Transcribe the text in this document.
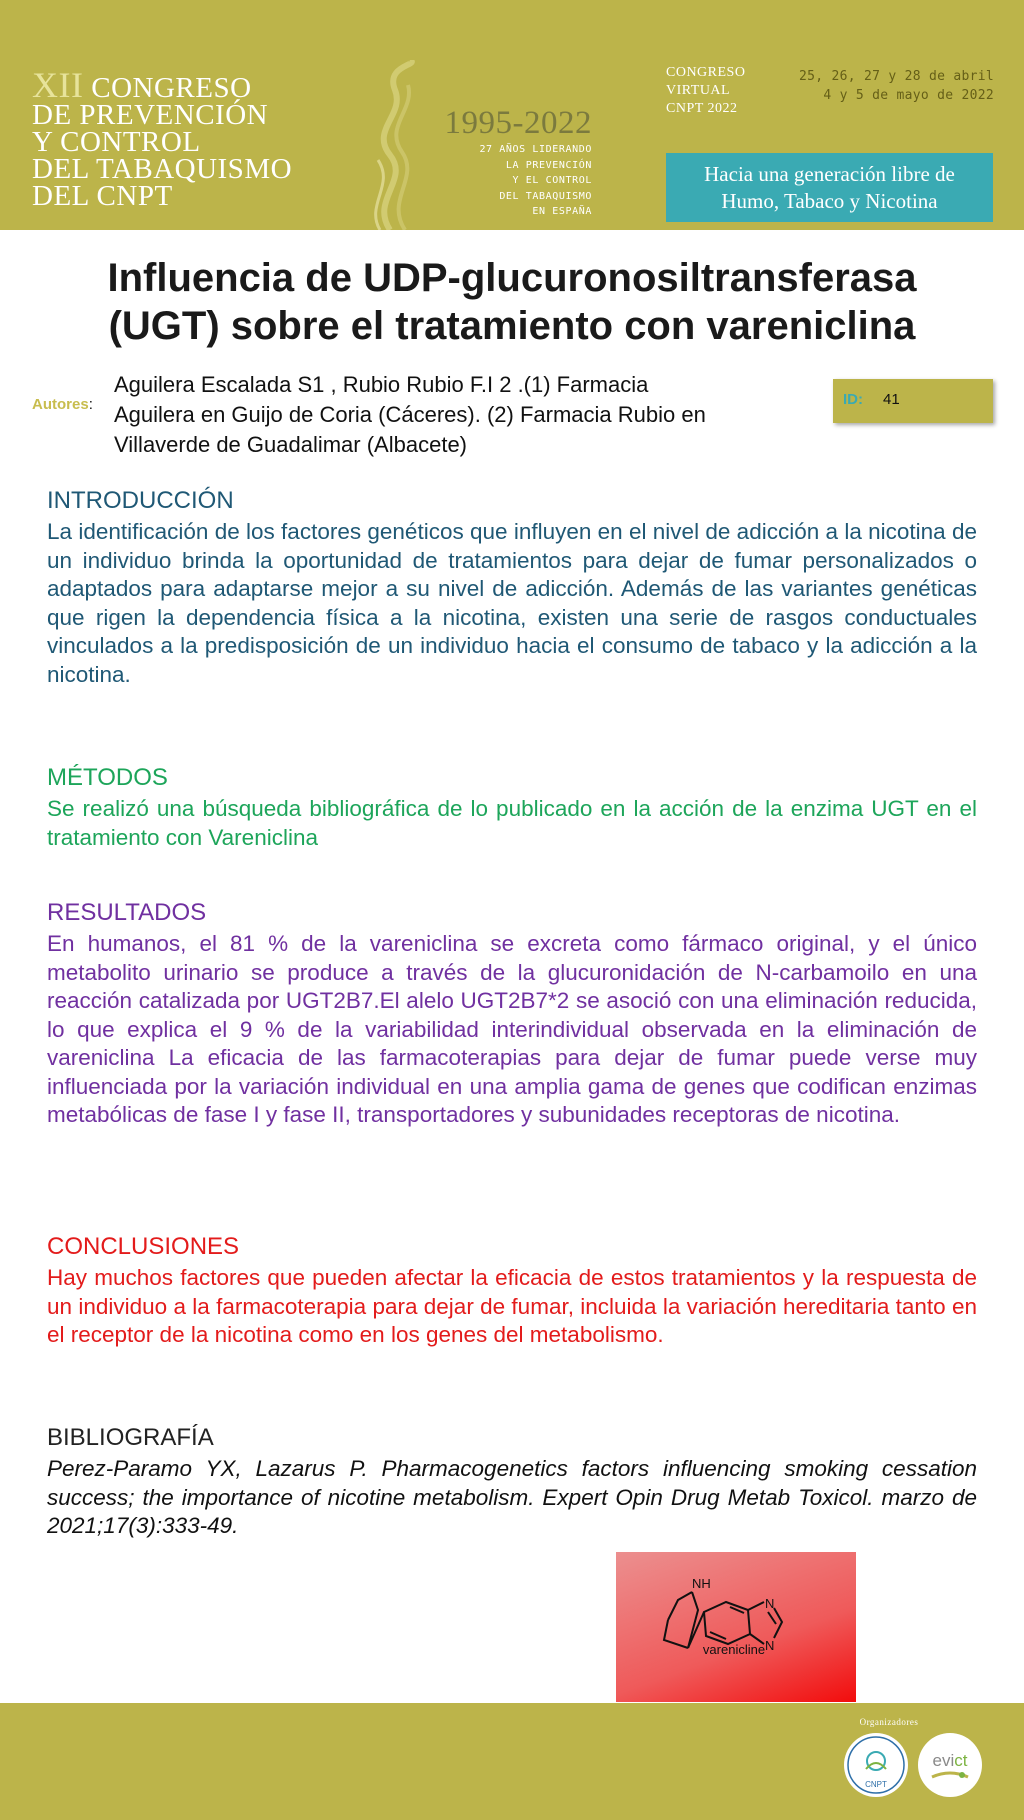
XII CONGRESO
DE PREVENCIÓN
Y CONTROL
DEL TABAQUISMO
DEL CNPT
1995-2022
27 AÑOS LIDERANDO
LA PREVENCIÓN
Y EL CONTROL
DEL TABAQUISMO
EN ESPAÑA
CONGRESO
VIRTUAL
CNPT 2022
25, 26, 27 y 28 de abril
4 y 5 de mayo de 2022
Hacia una generación libre de
Humo, Tabaco y Nicotina
Influencia de UDP-glucuronosiltransferasa
(UGT) sobre el tratamiento con vareniclina
Autores:
Aguilera Escalada S1 , Rubio Rubio F.I 2 .(1) Farmacia
Aguilera en Guijo de Coria (Cáceres). (2) Farmacia Rubio en
Villaverde de Guadalimar (Albacete)
ID: 41
INTRODUCCIÓN
La identificación de los factores genéticos que influyen en el nivel de adicción a la nicotina de un individuo brinda la oportunidad de tratamientos para dejar de fumar personalizados o adaptados para adaptarse mejor a su nivel de adicción. Además de las variantes genéticas que rigen la dependencia física a la nicotina, existen una serie de rasgos conductuales vinculados a la predisposición de un individuo hacia el consumo de tabaco y la adicción a la nicotina.
MÉTODOS
Se realizó una búsqueda bibliográfica de lo publicado en la acción de la enzima UGT en el tratamiento con Vareniclina
RESULTADOS
En humanos, el 81 % de la vareniclina se excreta como fármaco original, y el único metabolito urinario se produce a través de la glucuronidación de N-carbamoilo en una reacción catalizada por UGT2B7.El alelo UGT2B7*2 se asoció con una eliminación reducida, lo que explica el 9 % de la variabilidad interindividual observada en la eliminación de vareniclina La eficacia de las farmacoterapias para dejar de fumar puede verse muy influenciada por la variación individual en una amplia gama de genes que codifican enzimas metabólicas de fase I y fase II, transportadores y subunidades receptoras de nicotina.
CONCLUSIONES
Hay muchos factores que pueden afectar la eficacia de estos tratamientos y la respuesta de un individuo a la farmacoterapia para dejar de fumar, incluida la variación hereditaria tanto en el receptor de la nicotina como en los genes del metabolismo.
BIBLIOGRAFÍA
Perez-Paramo YX, Lazarus P. Pharmacogenetics factors influencing smoking cessation success; the importance of nicotine metabolism. Expert Opin Drug Metab Toxicol. marzo de 2021;17(3):333-49.
NH
N
N
varenicline
Organizadores
CNPT
evict
